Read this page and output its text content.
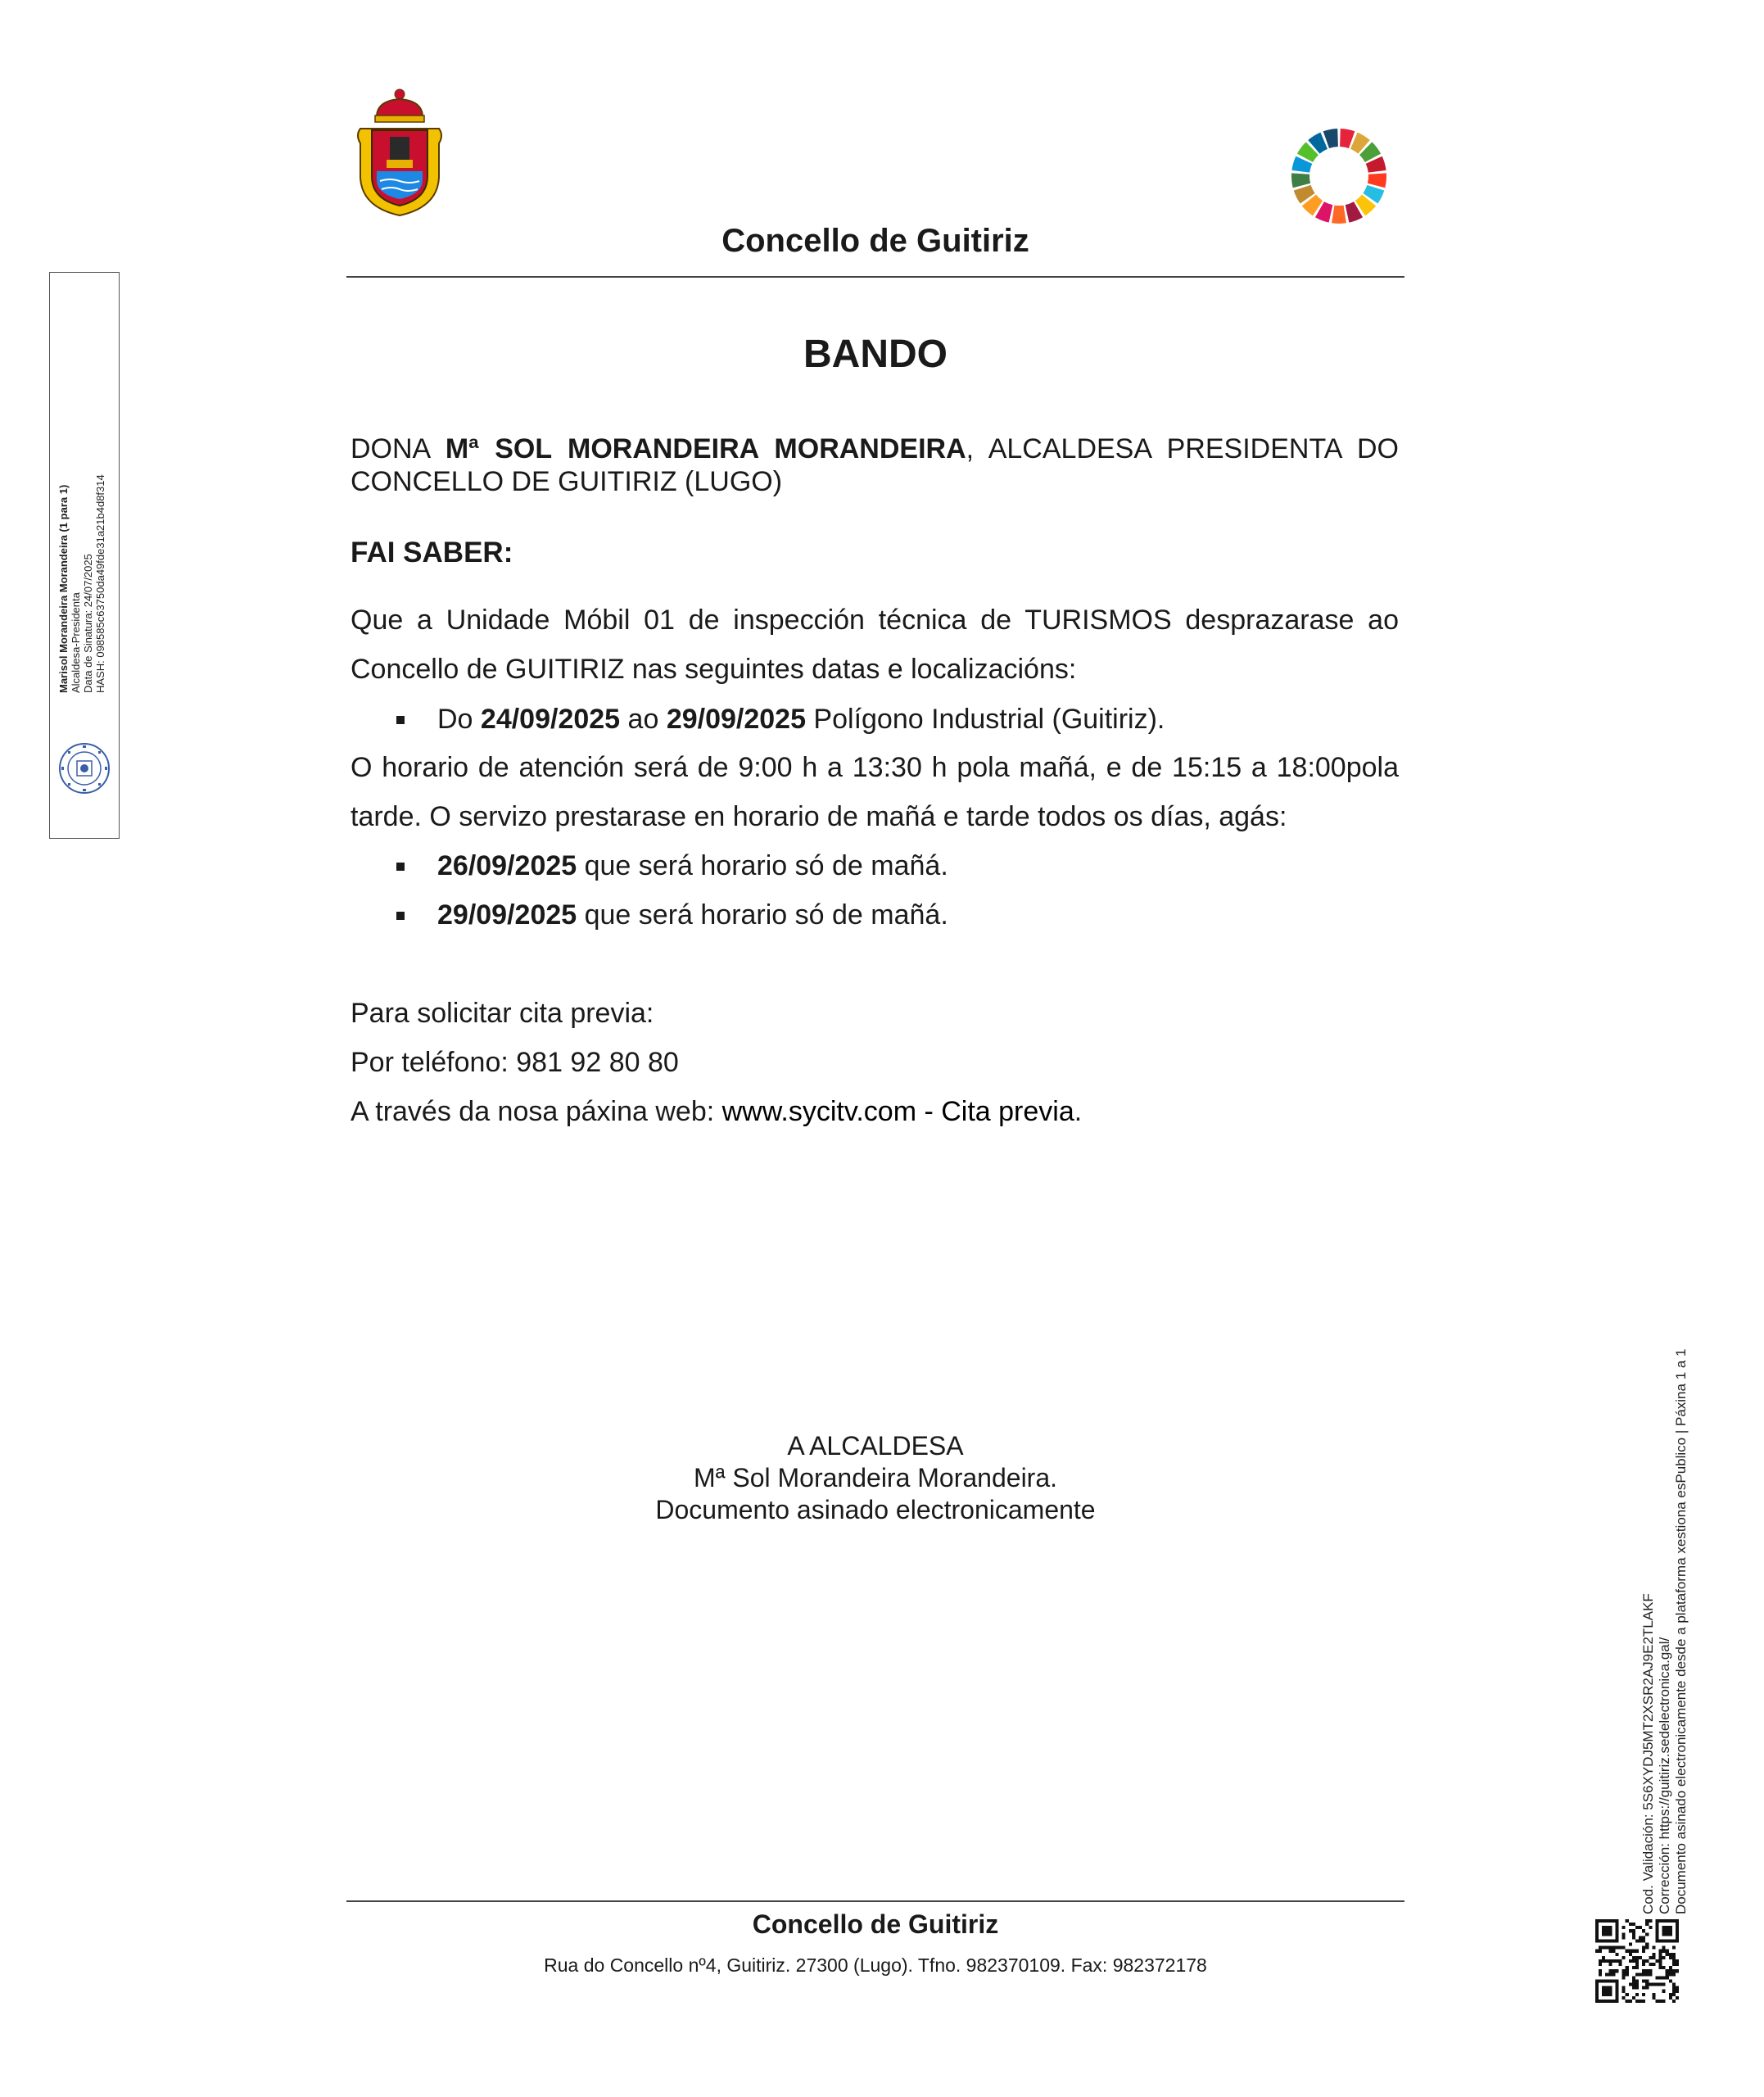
Concello de Guitiriz
BANDO
DONA Mª SOL MORANDEIRA MORANDEIRA, ALCALDESA PRESIDENTA DO
CONCELLO DE GUITIRIZ (LUGO)
FAI SABER:
Que a Unidade Móbil 01 de inspección técnica de TURISMOS desprazarase ao
Concello de GUITIRIZ nas seguintes datas e localizacións:
Do 24/09/2025 ao 29/09/2025 Polígono Industrial (Guitiriz).
O horario de atención será de 9:00 h a 13:30 h pola mañá, e de 15:15 a 18:00pola
tarde. O servizo prestarase en horario de mañá e tarde todos os días, agás:
26/09/2025 que será horario só de mañá.
29/09/2025 que será horario só de mañá.
Para solicitar cita previa:
Por teléfono: 981 92 80 80
A través da nosa páxina web: www.sycitv.com - Cita previa.
A ALCALDESA
Mª Sol Morandeira Morandeira.
Documento asinado electronicamente
Concello de Guitiriz
Rua do Concello nº4, Guitiriz. 27300 (Lugo). Tfno. 982370109. Fax: 982372178
Marisol Morandeira Morandeira (1 para 1) Alcaldesa-Presidenta Data de Sinatura: 24/07/2025 HASH: 098585c63750da49fde31a21b4d8f314
Cod. Validación: 5S6XYDJ5MT2XSR2AJ9E2TLAKF Corrección: https://guitiriz.sedelectronica.gal/ Documento asinado electronicamente desde a plataforma xestiona esPublico | Páxina 1 a 1
